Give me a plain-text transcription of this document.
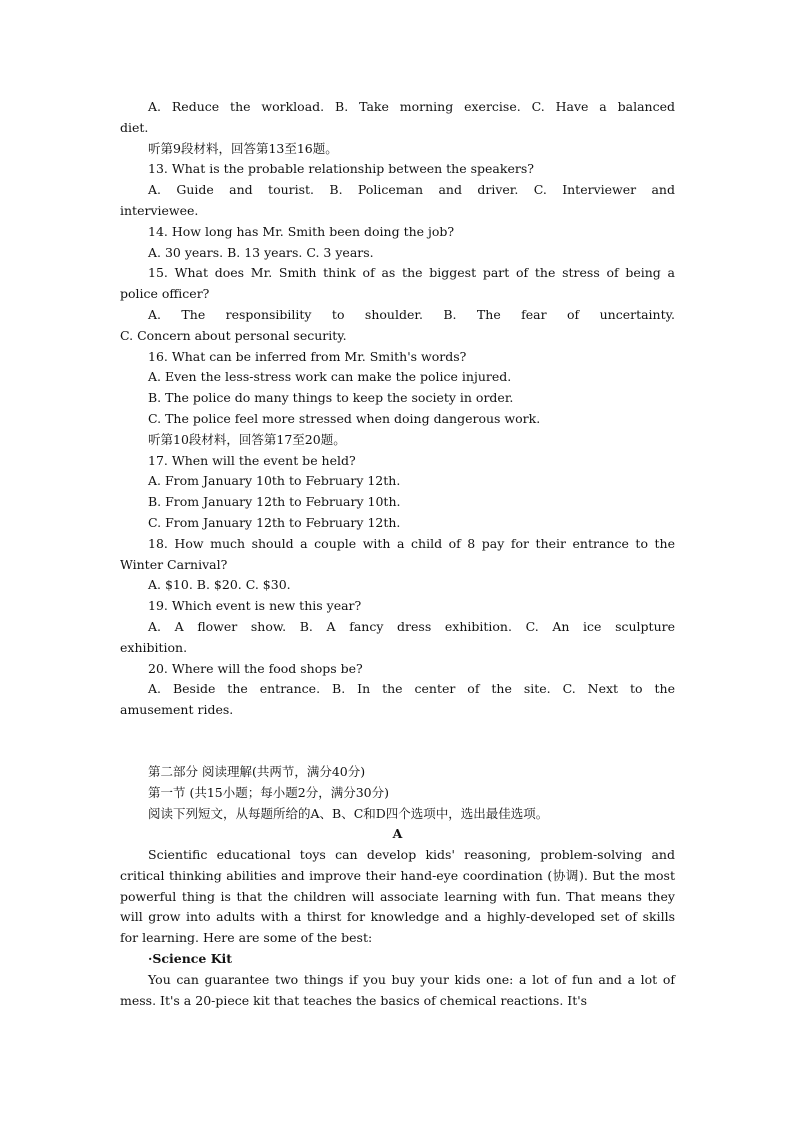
A. Reduce the workload. B. Take morning exercise. C. Have a balanced

diet.

听第9段材料，回答第13至16题。

13. What is the probable relationship between the speakers?

A. Guide and tourist. B. Policeman and driver. C. Interviewer and

interviewee.

14. How long has Mr. Smith been doing the job?

A. 30 years. B. 13 years. C. 3 years.

15. What does Mr. Smith think of as the biggest part of the stress of being a

police officer?

A. The responsibility to shoulder. B. The fear of uncertainty.

C. Concern about personal security.

16. What can be inferred from Mr. Smith's words?

A. Even the less-stress work can make the police injured.

B. The police do many things to keep the society in order.

C. The police feel more stressed when doing dangerous work.

听第10段材料，回答第17至20题。

17. When will the event be held?

A. From January 10th to February 12th.

B. From January 12th to February 10th.

C. From January 12th to February 12th.

18. How much should a couple with a child of 8 pay for their entrance to the

Winter Carnival?

A. $10. B. $20. C. $30.

19. Which event is new this year?

A. A flower show. B. A fancy dress exhibition. C. An ice sculpture

exhibition.

20. Where will the food shops be?

A. Beside the entrance. B. In the center of the site. C. Next to the

amusement rides.

第二部分 阅读理解(共两节，满分40分)

第一节 (共15小题；每小题2分，满分30分)

阅读下列短文，从每题所给的A、B、C和D四个选项中，选出最佳选项。

A

Scientific educational toys can develop kids' reasoning, problem-solving and critical thinking abilities and improve their hand-eye coordination (协调). But the most powerful thing is that the children will associate learning with fun. That means they will grow into adults with a thirst for knowledge and a highly-developed set of skills for learning. Here are some of the best:

·Science Kit

You can guarantee two things if you buy your kids one: a lot of fun and a lot of mess. It's a 20-piece kit that teaches the basics of chemical reactions. It's
